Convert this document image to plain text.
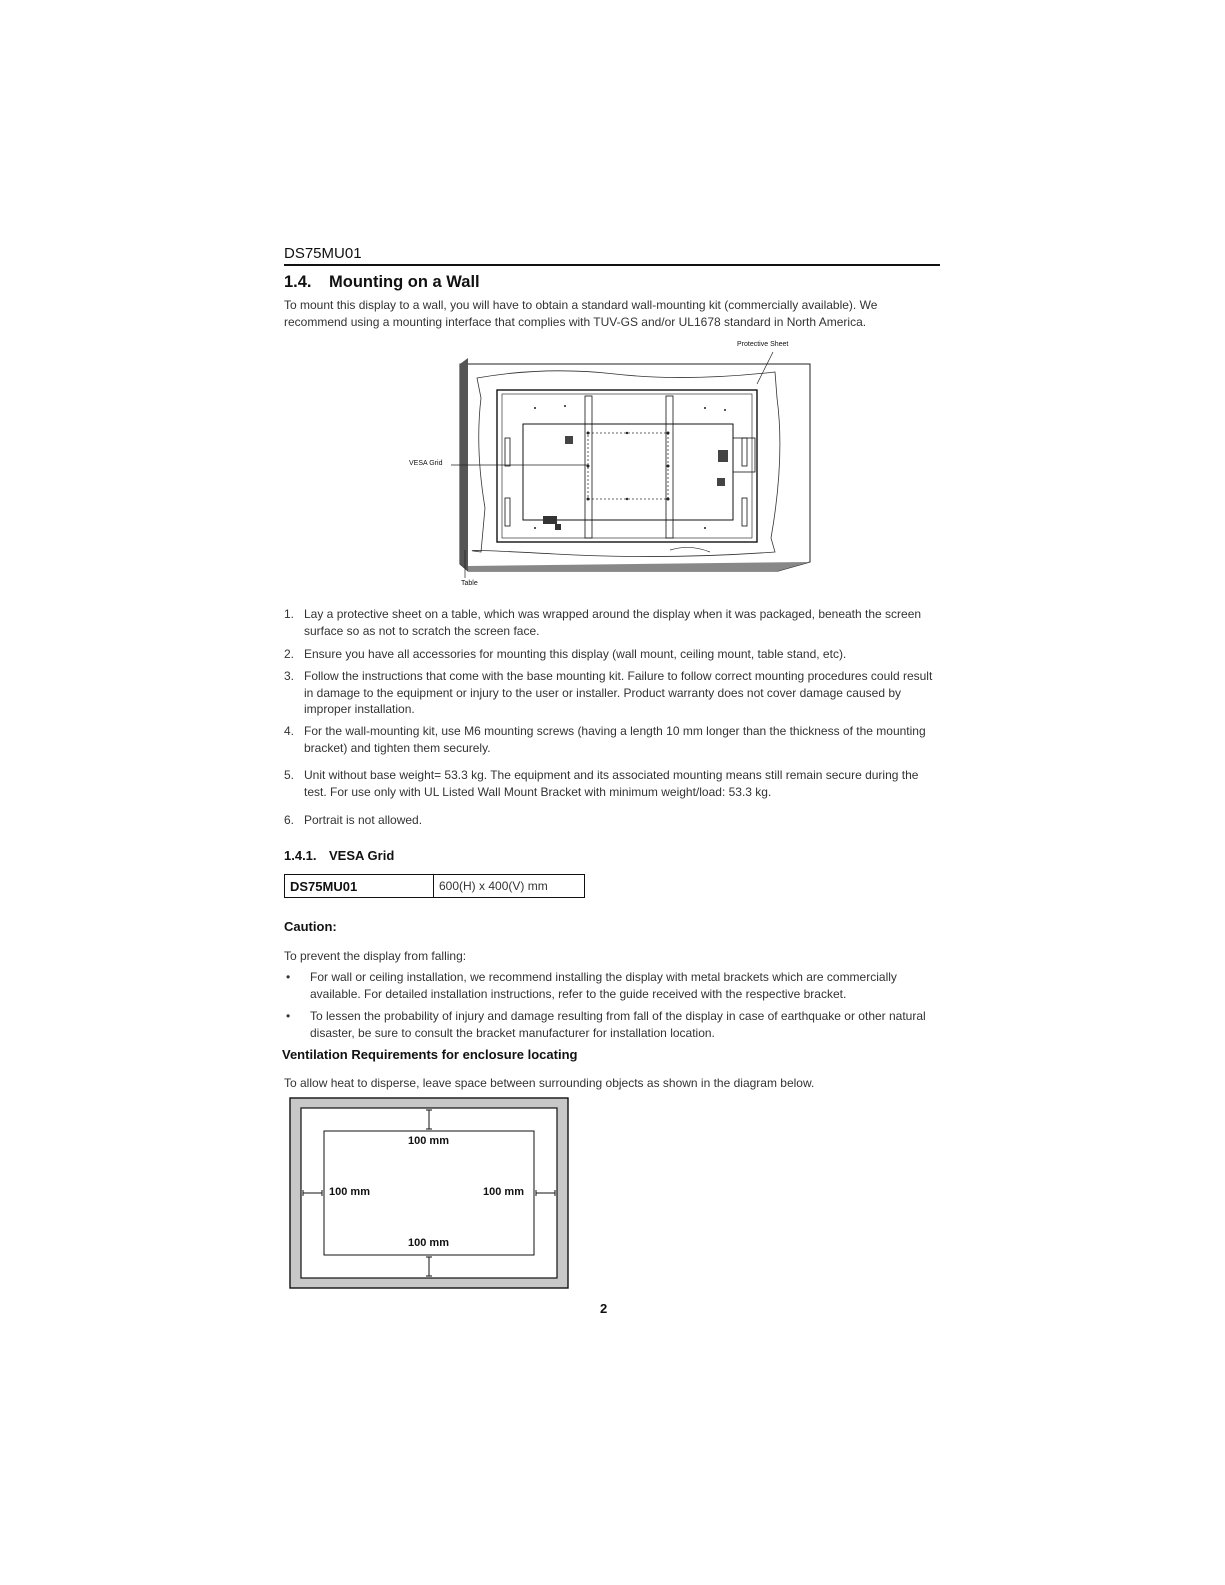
DS75MU01
1.4. Mounting on a Wall
To mount this display to a wall, you will have to obtain a standard wall-mounting kit (commercially available). We recommend using a mounting interface that complies with TUV-GS and/or UL1678 standard in North America.
Protective Sheet
VESA Grid
Table
1. Lay a protective sheet on a table, which was wrapped around the display when it was packaged, beneath the screen surface so as not to scratch the screen face.
2. Ensure you have all accessories for mounting this display (wall mount, ceiling mount, table stand, etc).
3. Follow the instructions that come with the base mounting kit. Failure to follow correct mounting procedures could result in damage to the equipment or injury to the user or installer. Product warranty does not cover damage caused by improper installation.
4. For the wall-mounting kit, use M6 mounting screws (having a length 10 mm longer than the thickness of the mounting bracket) and tighten them securely.
5. Unit without base weight= 53.3 kg. The equipment and its associated mounting means still remain secure during the test. For use only with UL Listed Wall Mount Bracket with minimum weight/load: 53.3 kg.
6. Portrait is not allowed.
1.4.1. VESA Grid
DS75MU01	600(H) x 400(V) mm
Caution:
To prevent the display from falling:
• For wall or ceiling installation, we recommend installing the display with metal brackets which are commercially available. For detailed installation instructions, refer to the guide received with the respective bracket.
• To lessen the probability of injury and damage resulting from fall of the display in case of earthquake or other natural disaster, be sure to consult the bracket manufacturer for installation location.
Ventilation Requirements for enclosure locating
To allow heat to disperse, leave space between surrounding objects as shown in the diagram below.
100 mm
100 mm	100 mm
100 mm
2
